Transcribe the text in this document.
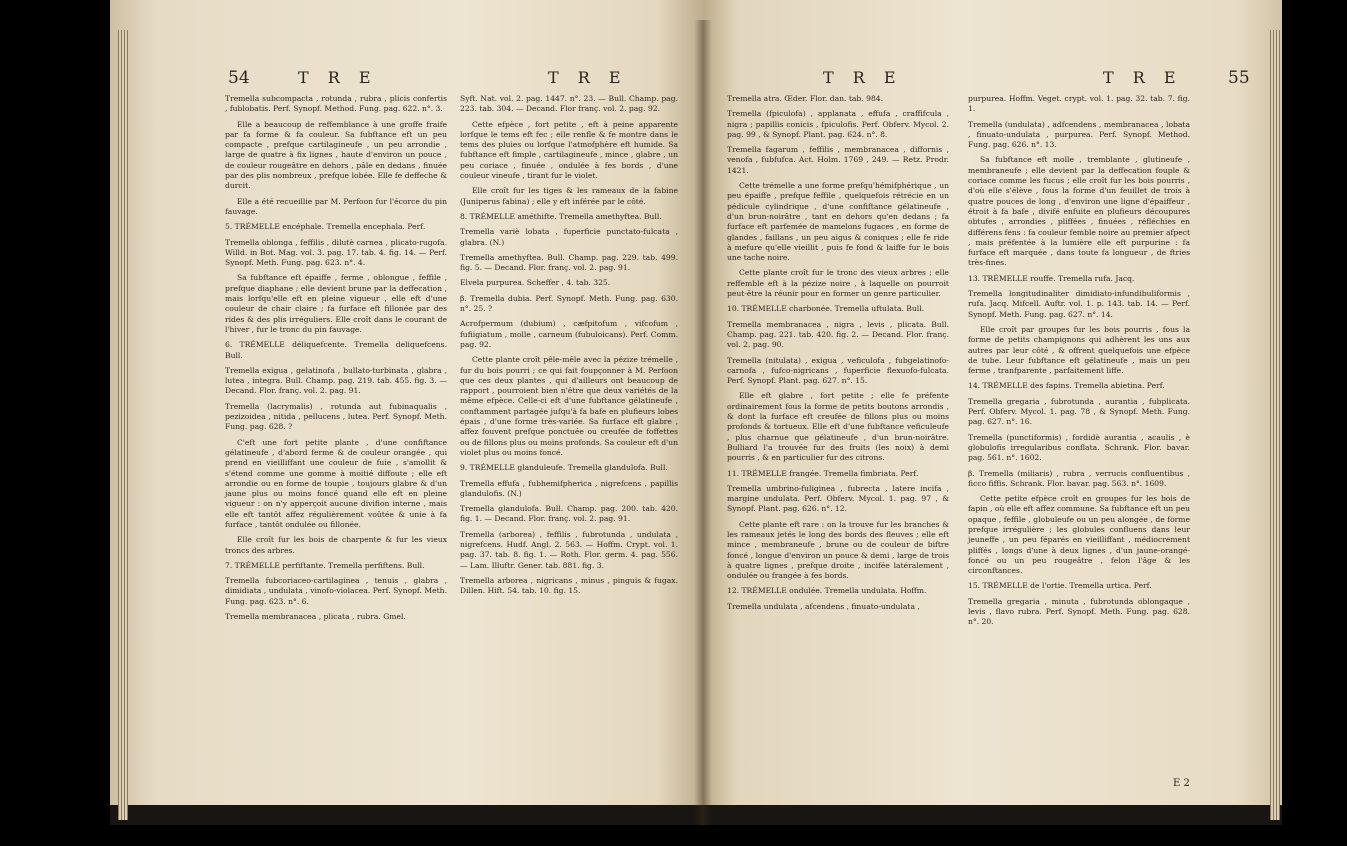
54	T R E	T R E

Tremella subcompacta , rotunda , rubra , plicis confertis , fublobatis. Perf. Synopf. Method. Fung. pag. 622. n°. 3.

Elle a beaucoup de reffemblance à une groffe fraife par fa forme & fa couleur. Sa fubftance eft un peu compacte , prefque cartilagineufe , un peu arrondie , large de quatre à fix lignes , haute d'environ un pouce , de couleur rougeâtre en dehors , pâle en dedans , finuée par des plis nombreux , prefque lobée. Elle fe deffeche & durcit.

Elle a été recueillie par M. Perfoon fur l'écorce du pin fauvage.

5. TRÉMELLE encéphale. Tremella encephala. Perf.

Tremella oblonga , feffilis , dilutè carnea , plicato-rugofa. Willd. in Bot. Mag. vol. 3. pag. 17. tab. 4. fig. 14. — Perf. Synopf. Meth. Fung. pag. 623. n°. 4.

Sa fubftance eft épaiffe , ferme , oblongue , feffile , prefque diaphane ; elle devient brune par la deffecation , mais lorfqu'elle eft en pleine vigueur , elle eft d'une couleur de chair claire ; fa furface eft fillonée par des rides & des plis irréguliers. Elle croît dans le courant de l'hiver , fur le tronc du pin fauvage.

6. TRÉMELLE déliquefcente. Tremella deliquefcens. Bull.

Tremella exigua , gelatinofa , bullato-turbinata , glabra , lutea , integra. Bull. Champ. pag. 219. tab. 455. fig. 3. — Decand. Flor. franç. vol. 2. pag. 91.

Tremella (lacrymalis) , rotunda aut fubinaqualis , pezizoidea , nitida , pellucens , lutea. Perf. Synopf. Meth. Fung. pag. 628. ?

C'eft une fort petite plante , d'une confiftance gélatineufe , d'abord ferme & de couleur orangée , qui prend en vieilliffant une couleur de fuie , s'amollit & s'étend comme une gomme à moitié diffoute ; elle eft arrondie ou en forme de toupie , toujours glabre & d'un jaune plus ou moins foncé quand elle eft en pleine vigueur : on n'y apperçoit aucune divifion interne , mais elle eft tantôt affez régulièrement voûtée & unie à fa furface , tantôt ondulée ou fillonée.

Elle croît fur les bois de charpente & fur les vieux troncs des arbres.

7. TRÉMELLE perfiftante. Tremella perfiftens. Bull.

Tremella fubcoriaceo-cartilaginea , tenuis , glabra , dimidiata , undulata , vinofo-violacea. Perf. Synopf. Meth. Fung. pag. 623. n°. 6.

Tremella membranacea , plicata , rubra. Gmel.

Syft. Nat. vol. 2. pag. 1447. n°. 23. — Bull. Champ. pag. 223. tab. 304. — Decand. Flor franç. vol. 2. pag. 92.

Cette efpèce , fort petite , eft à peine apparente lorfque le tems eft fec ; elle renfle & fe montre dans le tems des pluies ou lorfque l'atmofphère eft humide. Sa fubftance eft fimple , cartilagineufe , mince , glabre , un peu coriace , finuée , ondulée à fes bords , d'une couleur vineufe , tirant fur le violet.

Elle croît fur les tiges & les rameaux de la fabine (Juniperus fabina) ; elle y eft inférée par le côté.

8. TRÉMELLE améthifte. Tremella amethyftea. Bull.

Tremella variè lobata , fuperficie punctato-fulcata , glabra. (N.)

Tremella amethyftea. Bull. Champ. pag. 229. tab. 499. fig. 5. — Decand. Flor. franç. vol. 2. pag. 91.

Elvela purpurea. Scheffer , 4. tab. 325.

β. Tremella dubia. Perf. Synopf. Meth. Fung. pag. 630. n°. 25. ?

Acrofpermum (dubium) , cæfpitofum , vifcofum , fufiigiatum , molle , carneum (fubulοicans). Perf. Comm. pag. 92.

Cette plante croît pêle-mêle avec la pézize trémelle , fur du bois pourri ; ce qui fait foupçonner à M. Perfoon que ces deux plantes , qui d'ailleurs ont beaucoup de rapport , pourroient bien n'être que deux variétés de la même efpèce. Celle-ci eft d'une fubftance gélatineufe , conftamment partagée jufqu'à fa bafe en plufieurs lobes épais , d'une forme très-variée. Sa furface eft glabre , affez fouvent prefque ponctuée ou creufée de foffettes ou de fillons plus ou moins profonds. Sa couleur eft d'un violet plus ou moins foncé.

9. TRÉMELLE glanduleufe. Tremella glandulofa. Bull.

Tremella effufa , fubhemifpherica , nigrefcens , papillis glandulofis. (N.)

Tremella glandulofa. Bull. Champ. pag. 200. tab. 420. fig. 1. — Decand. Flor. franç. vol. 2. pag. 91.

Tremella (arborea) , feffilis , fubrotunda , undulata , nigrefcens. Hudf. Angl. 2. 563. — Hoffm. Crypt. vol. 1. pag. 37. tab. 8. fig. 1. — Roth. Flor. germ. 4. pag. 556. — Lam. Illuftr. Gener. tab. 881. fig. 3.

Tremella arborea , nigricans , minus , pinguis & fugax. Dillen. Hift. 54. tab. 10. fig. 15.

T R E	T R E	55

Tremella atra. Œder. Flor. dan. tab. 984.

Tremella (fpiculofa) , applanata , effufa , craffifcula , nigra ; papillis conicis , fpiculofis. Perf. Obferv. Mycol. 2. pag. 99 , & Synopf. Plant. pag. 624. n°. 8.

Tremella fagarum , feffilis , membranacea , diffornis , venofa , fubfufca. Act. Holm. 1769 , 249. — Retz. Prodr. 1421.

Cette trémelle a une forme prefqu'hémifphérique , un peu épaiffe , prefque feffile , quelquefois rétrécie en un pédicule cylindrique , d'une confiftance gélatineufe , d'un brun-noirâtre , tant en dehors qu'en dedans ; fa furface eft parfemée de mamelons fugaces , en forme de glandes , faillans , un peu aigus & coniques ; elle fe ride à mefure qu'elle vieillit , puis fe fond & laiffe fur le bois une tache noire.

Cette plante croît fur le tronc des vieux arbres ; elle reffemble eft à la pézize noire , à laquelle on pourroit peut-être la réunir pour en former un genre particulier.

10. TRÉMELLE charbonée. Tremella uftulata. Bull.

Tremella membranacea , nigra , levis , plicata. Bull. Champ. pag. 221. tab. 420. fig. 2. — Decand. Flor. franç. vol. 2. pag. 90.

Tremella (nitulata) , exigua , veficulofa , fubgelatinofo-carnofa , fufco-nigricans , fuperficie flexuofo-fulcata. Perf. Synopf. Plant. pag. 627. n°. 15.

Elle eft glabre , fort petite ; elle fe préfente ordinairement fous la forme de petits boutons arrondis , & dont la furface eft creufée de fillons plus ou moins profonds & tortueux. Elle eft d'une fubftance veficuleufe , plus charnue que gélatineufe , d'un brun-noirâtre. Bulliard l'a trouvée fur des fruits (les noix) à demi pourris , & en particulier fur des citrons.

11. TRÉMELLE frangée. Tremella fimbriata. Perf.

Tremella umbrino-fuliginea , fubrecta , latere incifa , margine undulata. Perf. Obferv. Mycol. 1. pag. 97 , & Synopf. Plant. pag. 626. n°. 12.

Cette plante eft rare : on la trouve fur les branches & les rameaux jetés le long des bords des fleuves ; elle eft mince , membraneufe , brune ou de couleur de biftre foncé , longue d'environ un pouce & demi , large de trois à quatre lignes , prefque droite , incifée latéralement , ondulée ou frangée à fes bords.

12. TRÉMELLE ondulée. Tremella undulata. Hoffm.

Tremella undulata , afcendens , finuato-undulata ,

purpurea. Hoffm. Veget. crypt. vol. 1. pag. 32. tab. 7. fig. 1.

Tremella (undulata) , adfcendens , membranacea , lobata , finuato-undulata , purpurea. Perf. Synopf. Method. Fung. pag. 626. n°. 13.

Sa fubftance eft molle , tremblante , glutineufe , membraneufe ; elle devient par la deffecation fouple & coriace comme les fucus ; elle croît fur les bois pourris , d'où elle s'élève , fous la forme d'un feuillet de trois à quatre pouces de long , d'environ une ligne d'épaiffeur , étroit à fa bafe , divifé enfuite en plufieurs découpures obtufes , arrondies , pliffées , finuées , réfléchies en différens fens : fa couleur femble noire au premier afpect , mais préfentée à la lumière elle eft purpurine : fa furface eft marquée , dans toute fa longueur , de ftries très-fines.

13. TRÉMELLE rouffe. Tremella rufa. Jacq.

Tremella longitudinaliter dimidiato-infundibuliformis , rufa. Jacq. Mifcell. Auftr. vol. 1. p. 143. tab. 14. — Perf. Synopf. Meth. Fung. pag. 627. n°. 14.

Elle croît par groupes fur les bois pourris , fous la forme de petits champignons qui adhèrent les uns aux autres par leur côté , & offrent quelquefois une efpèce de tube. Leur fubftance eft gélatineufe , mais un peu ferme , tranfparente , parfaitement liffe.

14. TRÉMELLE des fapins. Tremella abietina. Perf.

Tremella gregaria , fubrotunda , aurantia , fubplicata. Perf. Obferv. Mycol. 1. pag. 78 , & Synopf. Meth. Fung. pag. 627. n°. 16.

Tremella (punctiformis) , fordidè aurantia , acaulis , è globulofis irregularibus conflata. Schrank. Flor. bavar. pag. 561. n°. 1602.

β. Tremella (miliaris) , rubra , verrucis confluentibus , ficco fiffis. Schrank. Flor. bavar. pag. 563. n°. 1609.

Cette petite efpèce croît en groupes fur les bois de fapin , où elle eft affez commune. Sa fubftance eft un peu opaque , feffile , globuleufe ou un peu alongée , de forme prefque irrégulière ; les globules confluens dans leur jeuneffe , un peu féparés en vieilliffant , médiocrement pliffés , longs d'une à deux lignes , d'un jaune-orangé-foncé ou un peu rougeâtre , felon l'âge & les circonftances.

15. TRÉMELLE de l'ortie. Tremella urtica. Perf.

Tremella gregaria , minuta , fubrotunda oblongaque , levis , flavo rubra. Perf. Synopf. Meth. Fung. pag. 628. n°. 20.

E 2
